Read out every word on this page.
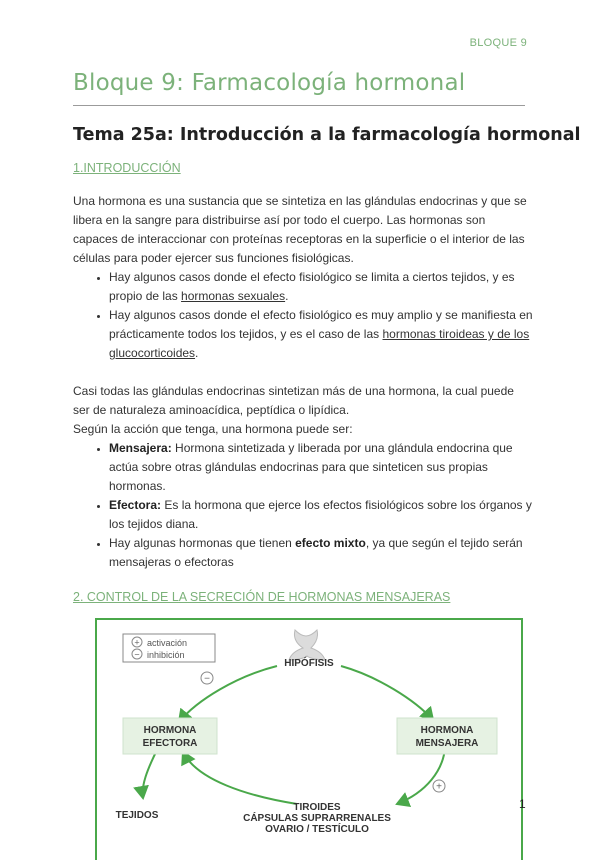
BLOQUE 9
Bloque 9: Farmacología hormonal
Tema 25a: Introducción a la farmacología hormonal
1.INTRODUCCIÓN

Una hormona es una sustancia que se sintetiza en las glándulas endocrinas y que se libera en la sangre para distribuirse así por todo el cuerpo. Las hormonas son capaces de interaccionar con proteínas receptoras en la superficie o el interior de las células para poder ejercer sus funciones fisiológicas.

• Hay algunos casos donde el efecto fisiológico se limita a ciertos tejidos, y es propio de las hormonas sexuales.
• Hay algunos casos donde el efecto fisiológico es muy amplio y se manifiesta en prácticamente todos los tejidos, y es el caso de las hormonas tiroideas y de los glucocorticoides.

Casi todas las glándulas endocrinas sintetizan más de una hormona, la cual puede ser de naturaleza aminoacídica, peptídica o lipídica.

Según la acción que tenga, una hormona puede ser:

• Mensajera: Hormona sintetizada y liberada por una glándula endocrina que actúa sobre otras glándulas endocrinas para que sinteticen sus propias hormonas.
• Efectora: Es la hormona que ejerce los efectos fisiológicos sobre los órganos y los tejidos diana.
• Hay algunas hormonas que tienen efecto mixto, ya que según el tejido serán mensajeras o efectoras
2. CONTROL DE LA SECRECIÓN DE HORMONAS MENSAJERAS
+ activación
− inhibición
HIPÓFISIS
−
+
HORMONA
EFECTORA
HORMONA
MENSAJERA
TEJIDOS
TIROIDES
CÁPSULAS SUPRARRENALES
OVARIO / TESTÍCULO
1
